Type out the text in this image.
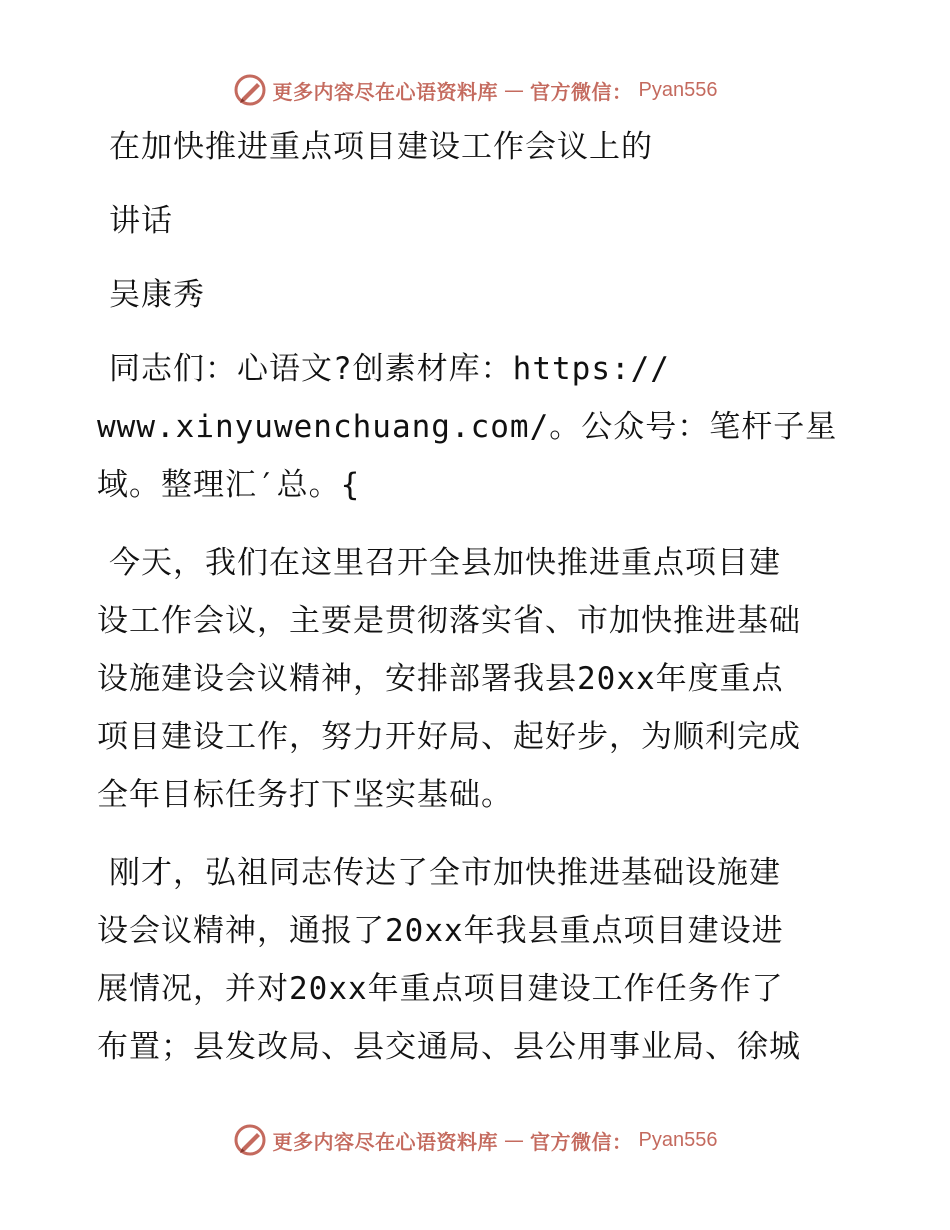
更多内容尽在心语资料库 — 官方微信： Pyan556
在加快推进重点项目建设工作会议上的
讲话
吴康秀
同志们：心语文?创素材库：https://
www.xinyuwenchuang.com/。公众号：笔杆子星
域。整理汇′总。{
今天，我们在这里召开全县加快推进重点项目建
设工作会议，主要是贯彻落实省、市加快推进基础
设施建设会议精神，安排部署我县20xx年度重点
项目建设工作，努力开好局、起好步，为顺利完成
全年目标任务打下坚实基础。
刚才，弘祖同志传达了全市加快推进基础设施建
设会议精神，通报了20xx年我县重点项目建设进
展情况，并对20xx年重点项目建设工作任务作了
布置；县发改局、县交通局、县公用事业局、徐城
更多内容尽在心语资料库 — 官方微信： Pyan556
